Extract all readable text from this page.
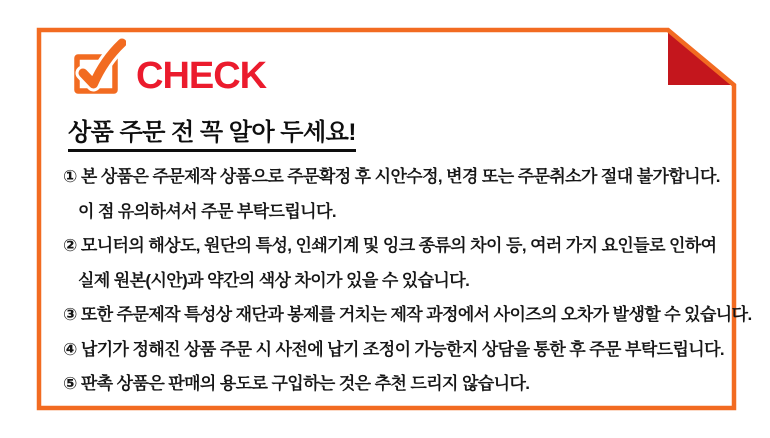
CHECK
상품 주문 전 꼭 알아 두세요!
① 본 상품은 주문제작 상품으로 주문확정 후 시안수정, 변경 또는 주문취소가 절대 불가합니다.
이 점 유의하셔서 주문 부탁드립니다.
② 모니터의 해상도, 원단의 특성, 인쇄기계 및 잉크 종류의 차이 등, 여러 가지 요인들로 인하여
실제 원본(시안)과 약간의 색상 차이가 있을 수 있습니다.
③ 또한 주문제작 특성상 재단과 봉제를 거치는 제작 과정에서 사이즈의 오차가 발생할 수 있습니다.
④ 납기가 정해진 상품 주문 시 사전에 납기 조정이 가능한지 상담을 통한 후 주문 부탁드립니다.
⑤ 판촉 상품은 판매의 용도로 구입하는 것은 추천 드리지 않습니다.
